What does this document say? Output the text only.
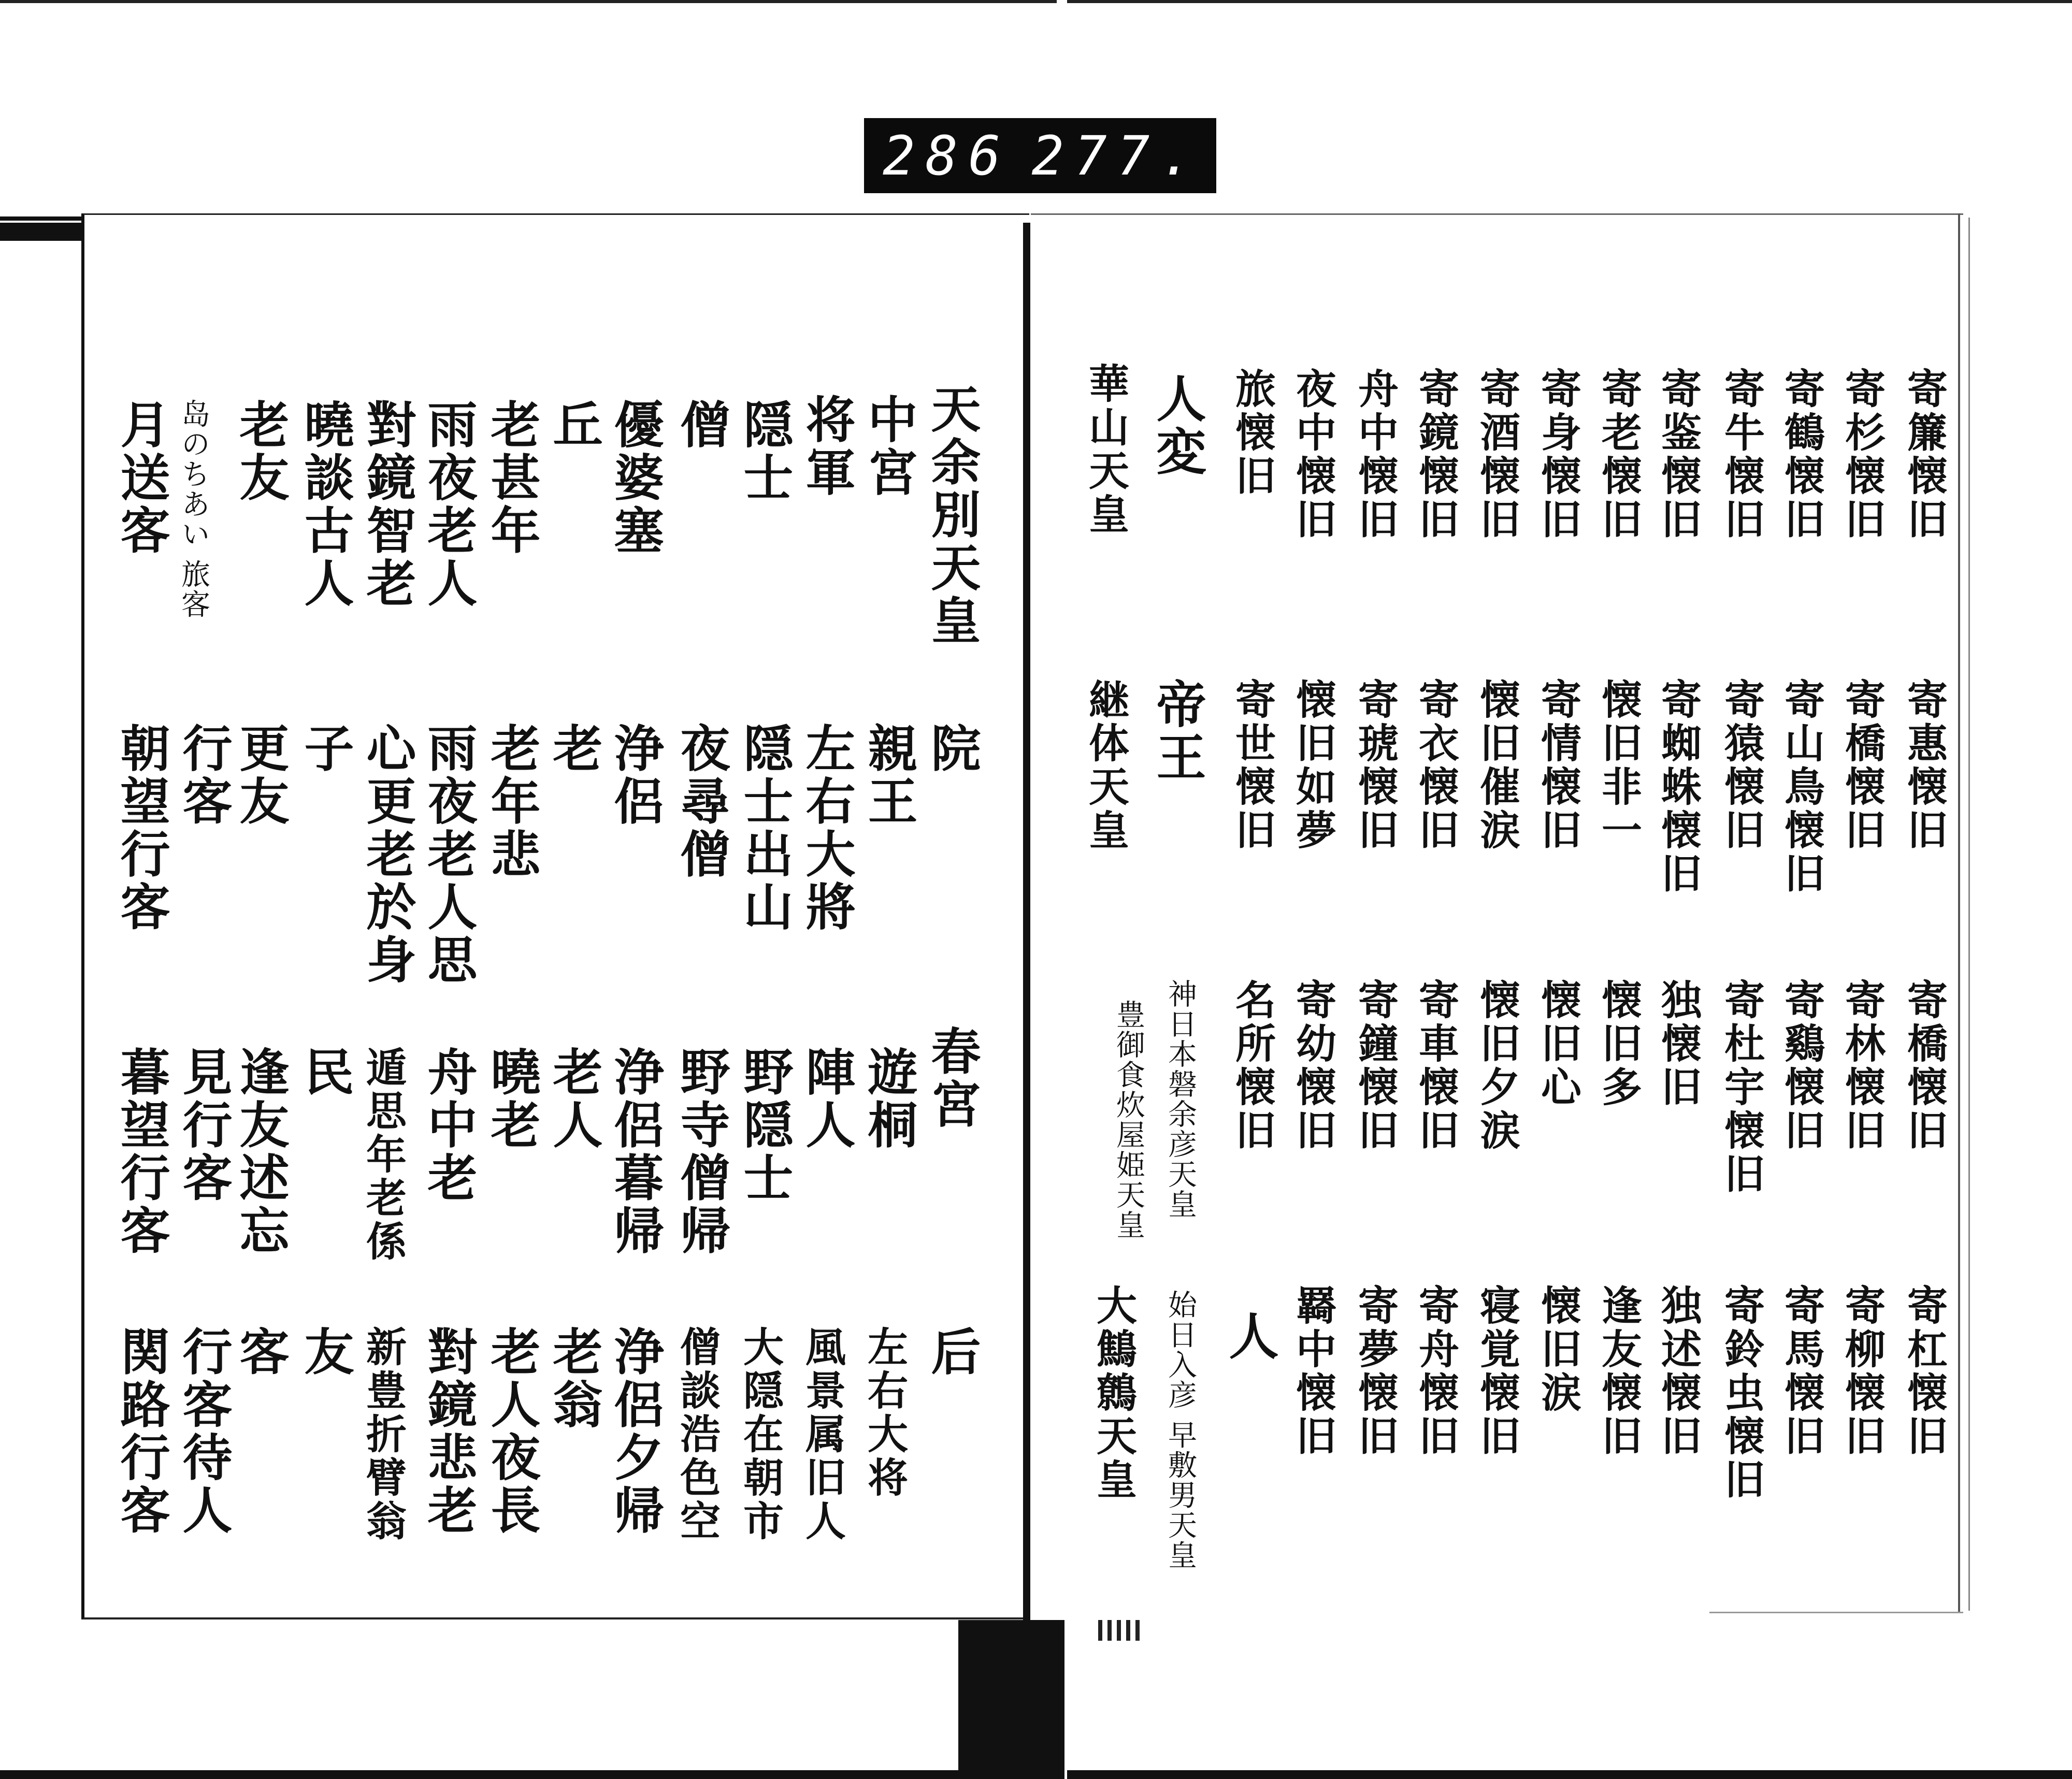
286 277.
天余別天皇
中宮
将軍
隠士
僧
優婆塞
丘
老甚年
雨夜老人
對鏡智老
曉談古人
老友
岛のちあい 旅客
月送客
院
親王
左右大將
隠士出山
夜尋僧
浄侶
老
老年悲
雨夜老人思
心更老於身
子
更友
行客
朝望行客
春宮
遊桐
陣人
野隠士
野寺僧帰
浄侶暮帰
老人
曉老
舟中老
遁思年老係
民
逢友述忘
見行客
暮望行客
后
左右大将
風景属旧人
大隠在朝市
僧談浩色空
浄侶夕帰
老翁
老人夜長
對鏡悲老
新豊折臂翁
友
客
行客待人
関路行客
寄簾懐旧
寄杉懐旧
寄鶴懐旧
寄牛懐旧
寄鉴懐旧
寄老懐旧
寄身懐旧
寄酒懐旧
寄鏡懐旧
舟中懐旧
夜中懐旧
旅懐旧
人変
華山天皇
寄惠懐旧
寄橋懐旧
寄山鳥懐旧
寄猿懐旧
寄蜘蛛懐旧
懐旧非一
寄情懐旧
懐旧催涙
寄衣懐旧
寄琥懐旧
懐旧如夢
寄世懐旧
帝王
継体天皇
寄橋懐旧
寄林懐旧
寄鷄懐旧
寄杜宇懐旧
独懐旧
懐旧多
懐旧心
懐旧夕涙
寄車懐旧
寄鐘懐旧
寄幼懐旧
名所懐旧
神日本磐余彦天皇
豊御食炊屋姫天皇
寄杠懐旧
寄柳懐旧
寄馬懐旧
寄鈴虫懐旧
独述懐旧
逢友懐旧
懐旧涙
寝覚懐旧
寄舟懐旧
寄夢懐旧
羇中懐旧
人
始日入彦 早敷男天皇
大鷦鷯天皇
